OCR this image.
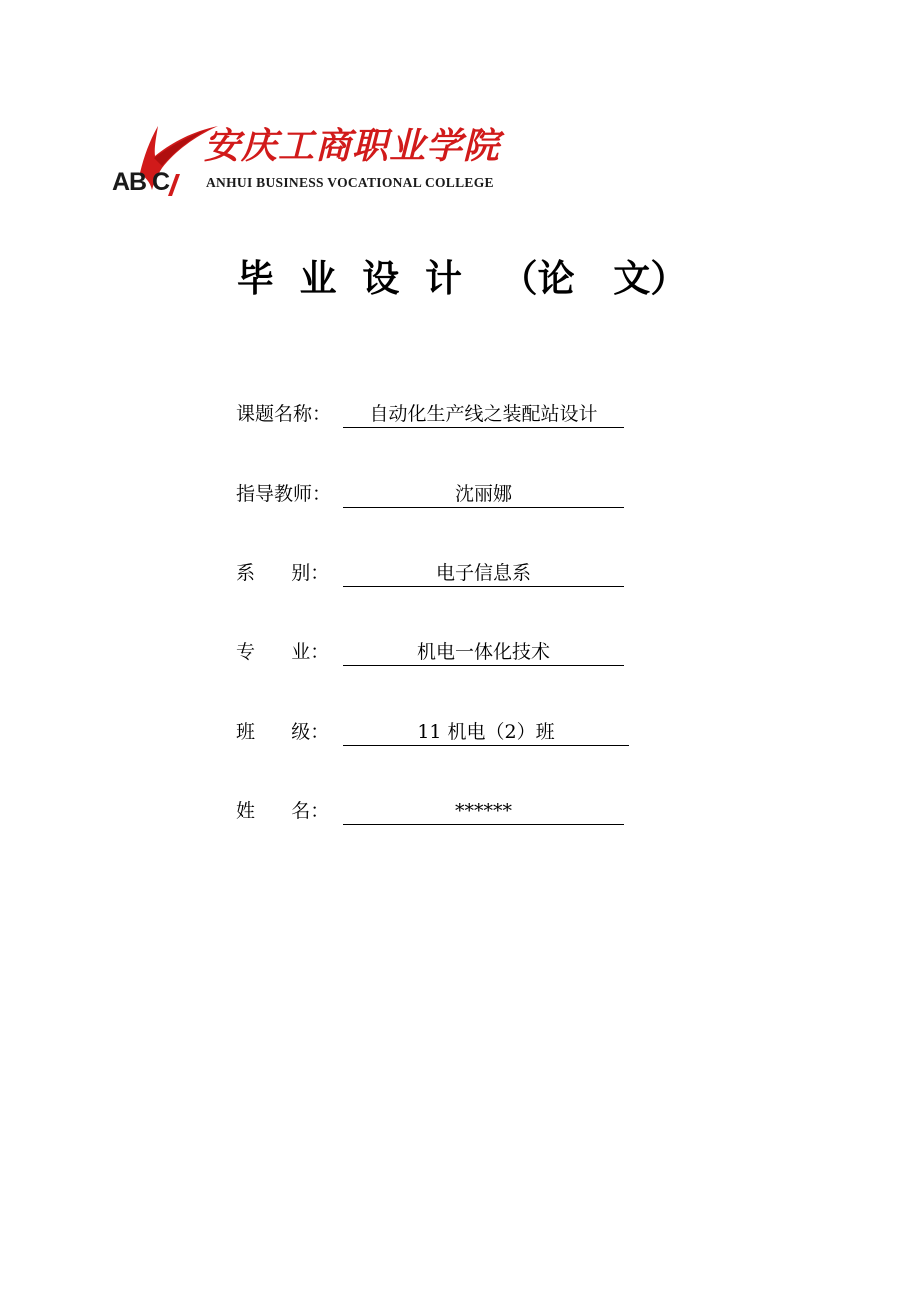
AB C
安庆工商职业学院
ANHUI BUSINESS VOCATIONAL COLLEGE
毕  业  设  计   （论   文）
课题名称：	自动化生产线之装配站设计
指导教师：	沈丽娜
系      别：	电子信息系
专      业：	机电一体化技术
班      级：	11 机电（2）班
姓      名：	******
